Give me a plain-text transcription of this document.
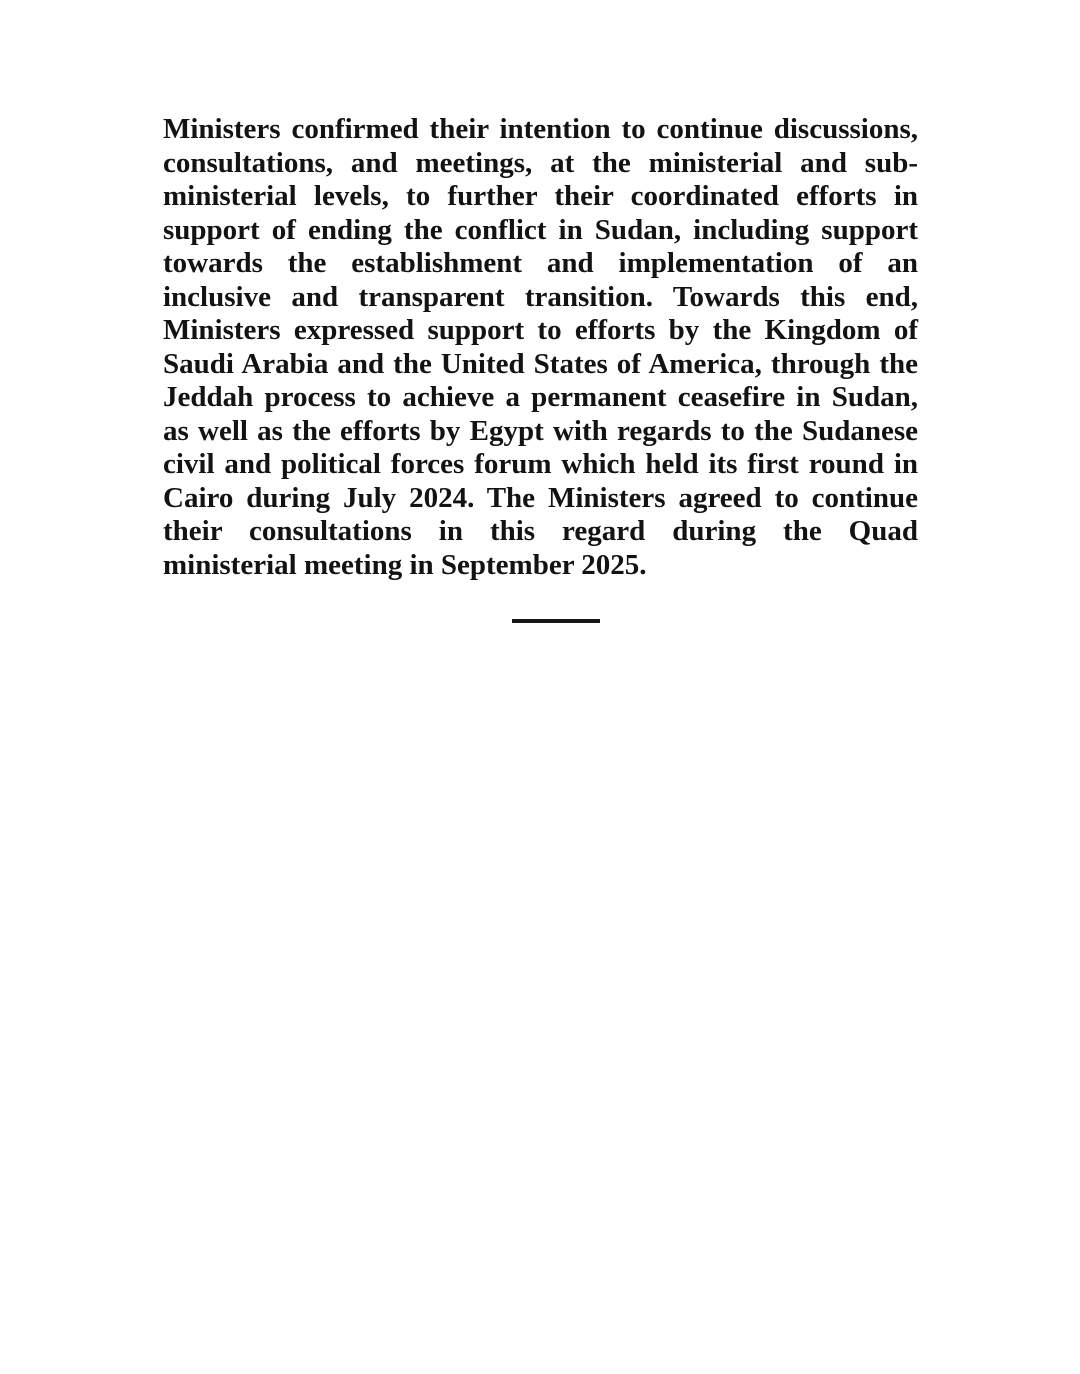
Ministers confirmed their intention to continue discussions, consultations, and meetings, at the ministerial and sub-ministerial levels, to further their coordinated efforts in support of ending the conflict in Sudan, including support towards the establishment and implementation of an inclusive and transparent transition. Towards this end, Ministers expressed support to efforts by the Kingdom of Saudi Arabia and the United States of America, through the Jeddah process to achieve a permanent ceasefire in Sudan, as well as the efforts by Egypt with regards to the Sudanese civil and political forces forum which held its first round in Cairo during July 2024. The Ministers agreed to continue their consultations in this regard during the Quad ministerial meeting in September 2025.
